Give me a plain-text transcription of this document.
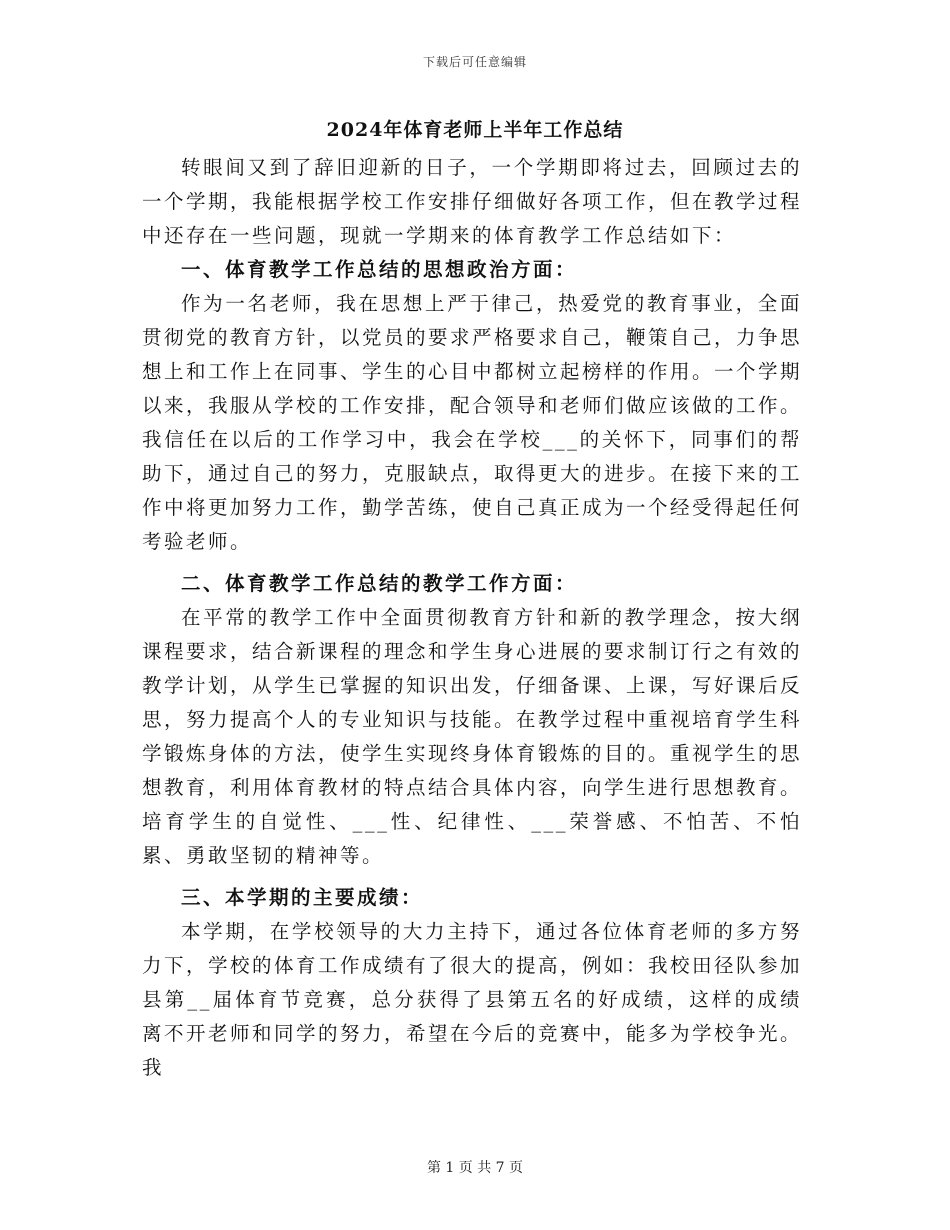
下载后可任意编辑
2024年体育老师上半年工作总结

转眼间又到了辞旧迎新的日子，一个学期即将过去，回顾过去的一个学期，我能根据学校工作安排仔细做好各项工作，但在教学过程中还存在一些问题，现就一学期来的体育教学工作总结如下：

一、体育教学工作总结的思想政治方面：

作为一名老师，我在思想上严于律己，热爱党的教育事业，全面贯彻党的教育方针，以党员的要求严格要求自己，鞭策自己，力争思想上和工作上在同事、学生的心目中都树立起榜样的作用。一个学期以来，我服从学校的工作安排，配合领导和老师们做应该做的工作。我信任在以后的工作学习中，我会在学校___的关怀下，同事们的帮助下，通过自己的努力，克服缺点，取得更大的进步。在接下来的工作中将更加努力工作，勤学苦练，使自己真正成为一个经受得起任何考验老师。

二、体育教学工作总结的教学工作方面：

在平常的教学工作中全面贯彻教育方针和新的教学理念，按大纲课程要求，结合新课程的理念和学生身心进展的要求制订行之有效的教学计划，从学生已掌握的知识出发，仔细备课、上课，写好课后反思，努力提高个人的专业知识与技能。在教学过程中重视培育学生科学锻炼身体的方法，使学生实现终身体育锻炼的目的。重视学生的思想教育，利用体育教材的特点结合具体内容，向学生进行思想教育。培育学生的自觉性、___性、纪律性、___荣誉感、不怕苦、不怕累、勇敢坚韧的精神等。

三、本学期的主要成绩：

本学期，在学校领导的大力主持下，通过各位体育老师的多方努力下，学校的体育工作成绩有了很大的提高，例如：我校田径队参加县第__届体育节竞赛，总分获得了县第五名的好成绩，这样的成绩离不开老师和同学的努力，希望在今后的竞赛中，能多为学校争光。我

第 1 页 共 7 页
